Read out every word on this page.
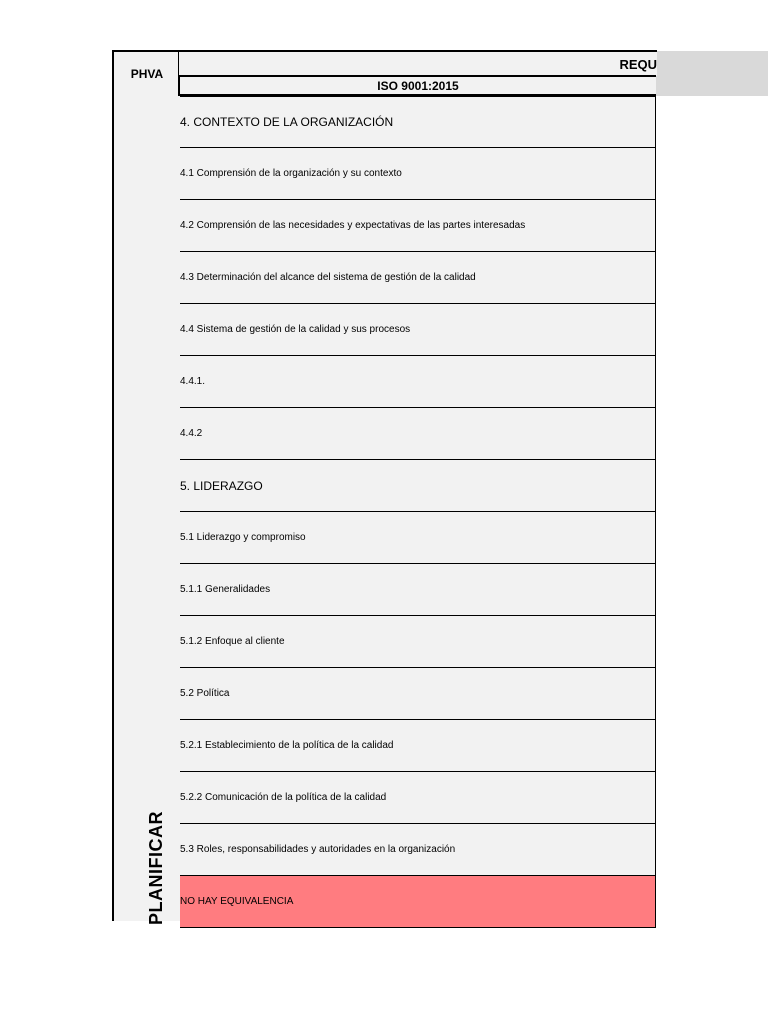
PHVA
REQU
ISO 9001:2015
PLANIFICAR
4. CONTEXTO DE LA ORGANIZACIÓN
4.1 Comprensión de la organización y su contexto
4.2 Comprensión de las necesidades y expectativas de las partes interesadas
4.3 Determinación del alcance del sistema de gestión de la calidad
4.4 Sistema de gestión de la calidad y sus procesos
4.4.1.
4.4.2
5. LIDERAZGO
5.1 Liderazgo y compromiso
5.1.1 Generalidades
5.1.2 Enfoque al cliente
5.2 Política
5.2.1 Establecimiento de la política de la calidad
5.2.2 Comunicación de la política de la calidad
5.3 Roles, responsabilidades y autoridades en la organización
NO HAY EQUIVALENCIA
